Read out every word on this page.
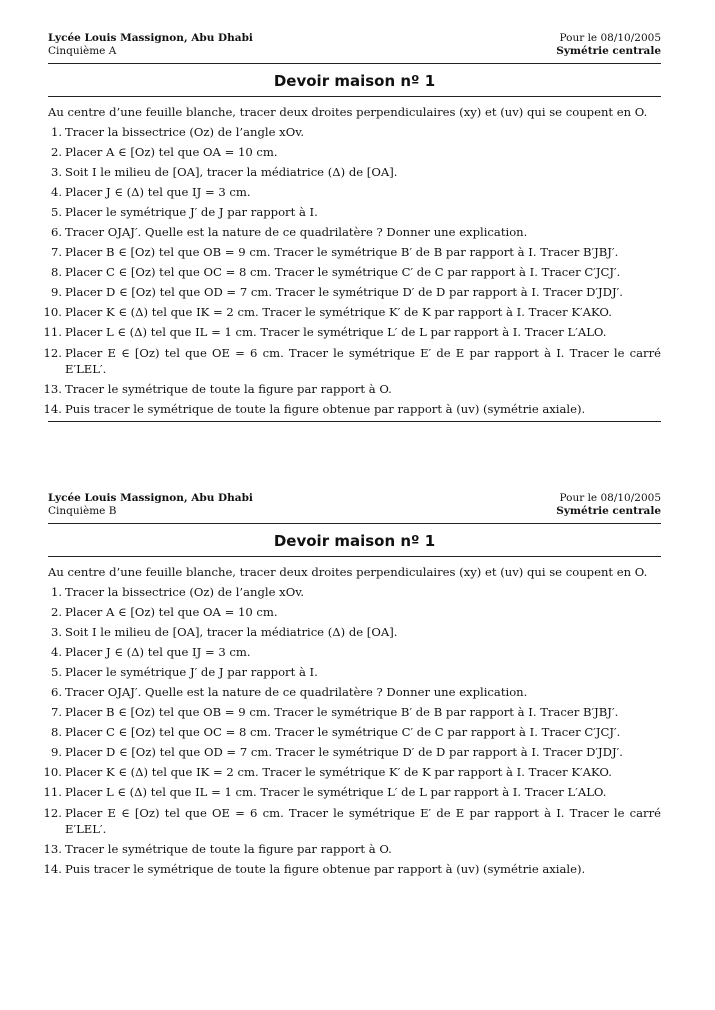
Lycée Louis Massignon, Abu Dhabi
Cinquième A
Pour le 08/10/2005
Symétrie centrale
Devoir maison nº 1

Au centre d’une feuille blanche, tracer deux droites perpendiculaires (xy) et (uv) qui se coupent en O.

1. Tracer la bissectrice (Oz) de l’angle xOv.
2. Placer A ∈ [Oz) tel que OA = 10 cm.
3. Soit I le milieu de [OA], tracer la médiatrice (Δ) de [OA].
4. Placer J ∈ (Δ) tel que IJ = 3 cm.
5. Placer le symétrique J′ de J par rapport à I.
6. Tracer OJAJ′. Quelle est la nature de ce quadrilatère ? Donner une explication.
7. Placer B ∈ [Oz) tel que OB = 9 cm. Tracer le symétrique B′ de B par rapport à I. Tracer B′JBJ′.
8. Placer C ∈ [Oz) tel que OC = 8 cm. Tracer le symétrique C′ de C par rapport à I. Tracer C′JCJ′.
9. Placer D ∈ [Oz) tel que OD = 7 cm. Tracer le symétrique D′ de D par rapport à I. Tracer D′JDJ′.
10. Placer K ∈ (Δ) tel que IK = 2 cm. Tracer le symétrique K′ de K par rapport à I. Tracer K′AKO.
11. Placer L ∈ (Δ) tel que IL = 1 cm. Tracer le symétrique L′ de L par rapport à I. Tracer L′ALO.
12. Placer E ∈ [Oz) tel que OE = 6 cm. Tracer le symétrique E′ de E par rapport à I. Tracer le carré E′LEL′.
13. Tracer le symétrique de toute la figure par rapport à O.
14. Puis tracer le symétrique de toute la figure obtenue par rapport à (uv) (symétrie axiale).
Lycée Louis Massignon, Abu Dhabi
Cinquième B
Pour le 08/10/2005
Symétrie centrale
Devoir maison nº 1

Au centre d’une feuille blanche, tracer deux droites perpendiculaires (xy) et (uv) qui se coupent en O.

1. Tracer la bissectrice (Oz) de l’angle xOv.
2. Placer A ∈ [Oz) tel que OA = 10 cm.
3. Soit I le milieu de [OA], tracer la médiatrice (Δ) de [OA].
4. Placer J ∈ (Δ) tel que IJ = 3 cm.
5. Placer le symétrique J′ de J par rapport à I.
6. Tracer OJAJ′. Quelle est la nature de ce quadrilatère ? Donner une explication.
7. Placer B ∈ [Oz) tel que OB = 9 cm. Tracer le symétrique B′ de B par rapport à I. Tracer B′JBJ′.
8. Placer C ∈ [Oz) tel que OC = 8 cm. Tracer le symétrique C′ de C par rapport à I. Tracer C′JCJ′.
9. Placer D ∈ [Oz) tel que OD = 7 cm. Tracer le symétrique D′ de D par rapport à I. Tracer D′JDJ′.
10. Placer K ∈ (Δ) tel que IK = 2 cm. Tracer le symétrique K′ de K par rapport à I. Tracer K′AKO.
11. Placer L ∈ (Δ) tel que IL = 1 cm. Tracer le symétrique L′ de L par rapport à I. Tracer L′ALO.
12. Placer E ∈ [Oz) tel que OE = 6 cm. Tracer le symétrique E′ de E par rapport à I. Tracer le carré E′LEL′.
13. Tracer le symétrique de toute la figure par rapport à O.
14. Puis tracer le symétrique de toute la figure obtenue par rapport à (uv) (symétrie axiale).
